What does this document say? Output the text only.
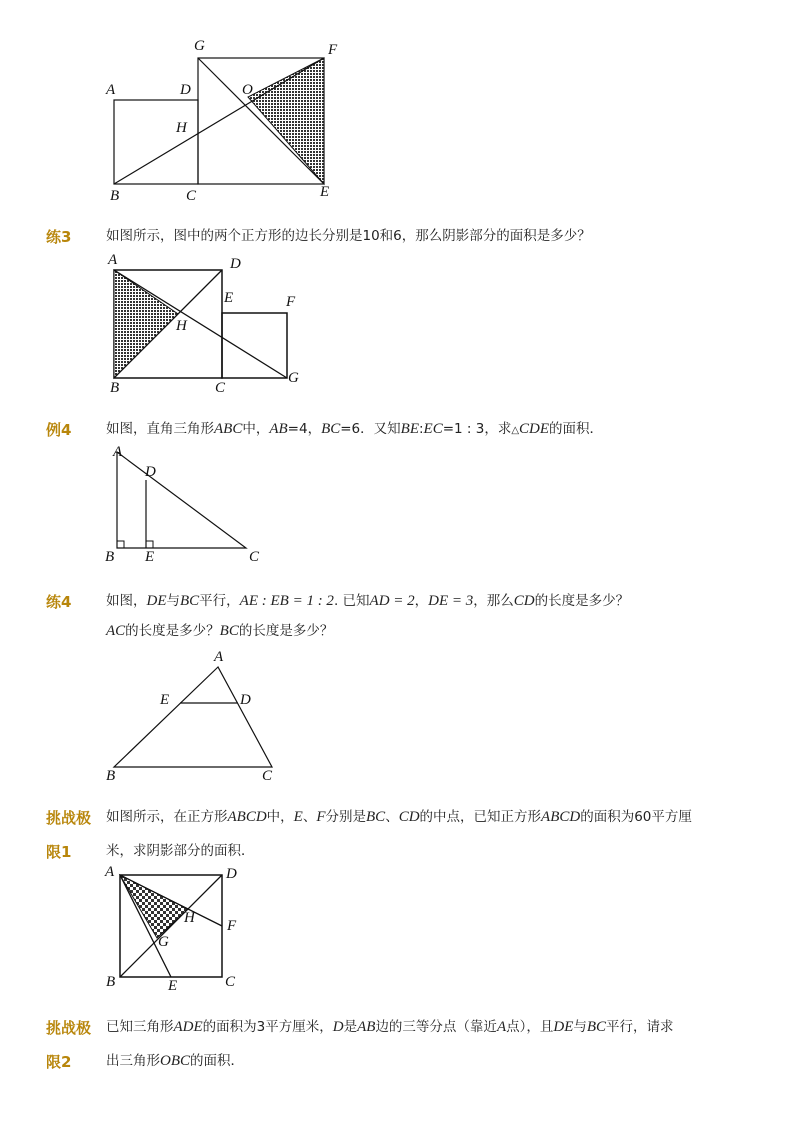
A
B	C
D
E
F
G
H
O
练3	如图所示，图中的两个正方形的边长分别是10和6，那么阴影部分的面积是多少？
A
B	C
D
E	F
G
H
例4	如图，直角三角形ABC中，AB=4，BC=6．又知BE:EC=1 : 3，求△CDE的面积．
A
B	C
D
E
练4	如图，DE与BC平行，AE : EB = 1 : 2. 已知AD = 2，DE = 3，那么CD的长度是多少？
AC的长度是多少？BC的长度是多少？
A
B	C
D
E
挑战极
限1
如图所示，在正方形ABCD中，E、F分别是BC、CD的中点，已知正方形ABCD的面积为60平方厘
米，求阴影部分的面积．
A
B	C
D
E
F
G
H
挑战极
限2
已知三角形ADE的面积为3平方厘米，D是AB边的三等分点（靠近A点），且DE与BC平行，请求
出三角形OBC的面积．
